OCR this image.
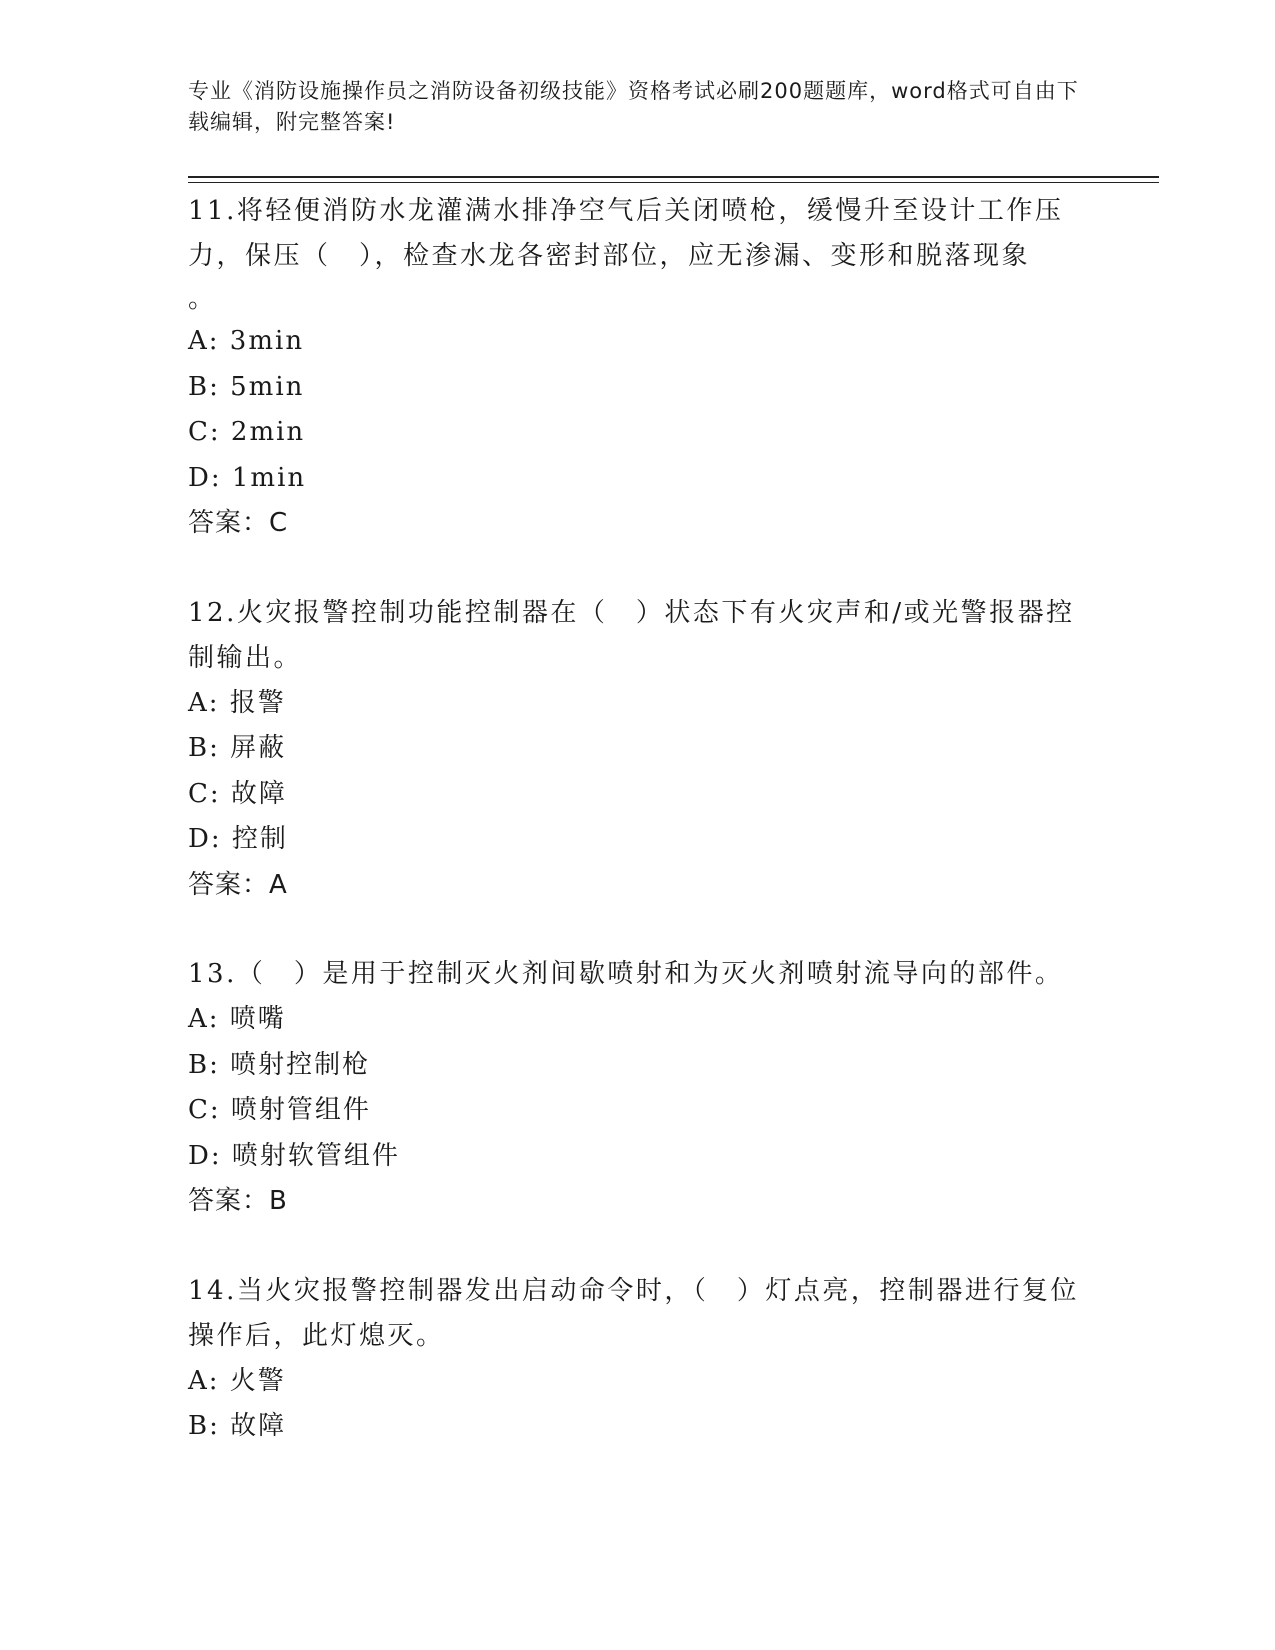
专业《消防设施操作员之消防设备初级技能》资格考试必刷200题题库，word格式可自由下载编辑，附完整答案!

11.将轻便消防水龙灌满水排净空气后关闭喷枪，缓慢升至设计工作压力，保压（　），检查水龙各密封部位，应无渗漏、变形和脱落现象

。

A: 3min

B: 5min

C: 2min

D: 1min

答案：C

12.火灾报警控制功能控制器在（　）状态下有火灾声和/或光警报器控制输出。

A: 报警

B: 屏蔽

C: 故障

D: 控制

答案：A

13.（　）是用于控制灭火剂间歇喷射和为灭火剂喷射流导向的部件。

A: 喷嘴

B: 喷射控制枪

C: 喷射管组件

D: 喷射软管组件

答案：B

14.当火灾报警控制器发出启动命令时，（　）灯点亮，控制器进行复位操作后，此灯熄灭。

A: 火警

B: 故障
